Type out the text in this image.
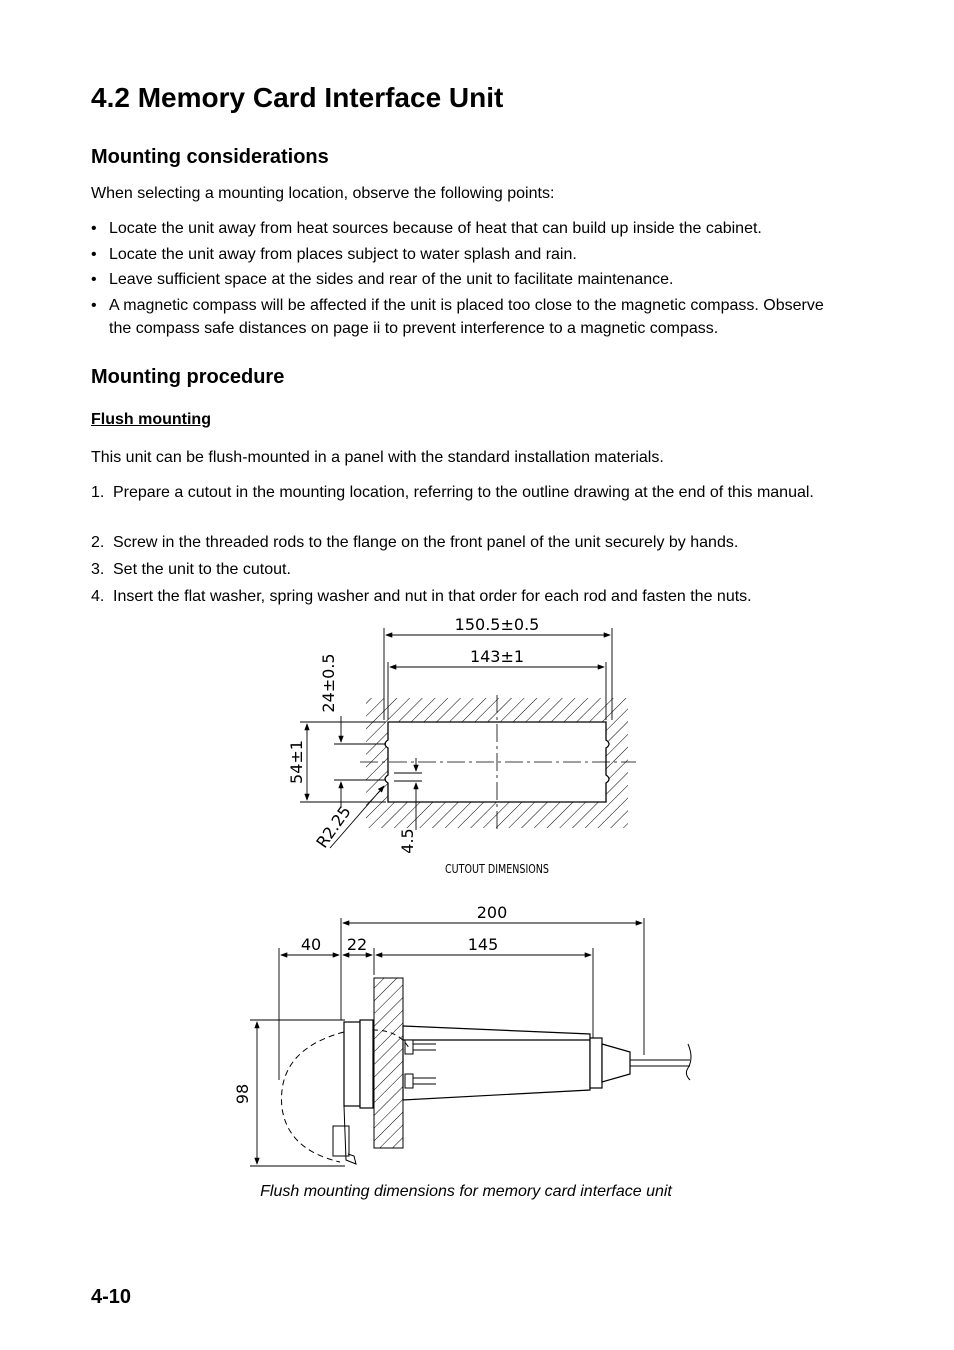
4.2 Memory Card Interface Unit
Mounting considerations
When selecting a mounting location, observe the following points:
• Locate the unit away from heat sources because of heat that can build up inside the cabinet.
• Locate the unit away from places subject to water splash and rain.
• Leave sufficient space at the sides and rear of the unit to facilitate maintenance.
• A magnetic compass will be affected if the unit is placed too close to the magnetic compass. Observe the compass safe distances on page ii to prevent interference to a magnetic compass.
Mounting procedure
Flush mounting
This unit can be flush-mounted in a panel with the standard installation materials.
1. Prepare a cutout in the mounting location, referring to the outline drawing at the end of this manual.
2. Screw in the threaded rods to the flange on the front panel of the unit securely by hands.
3. Set the unit to the cutout.
4. Insert the flat washer, spring washer and nut in that order for each rod and fasten the nuts.
150.5±0.5
143±1
24±0.5
54±1
R2.25	4.5
CUTOUT DIMENSIONS
40 22	145
200
98
Flush mounting dimensions for memory card interface unit
4-10
